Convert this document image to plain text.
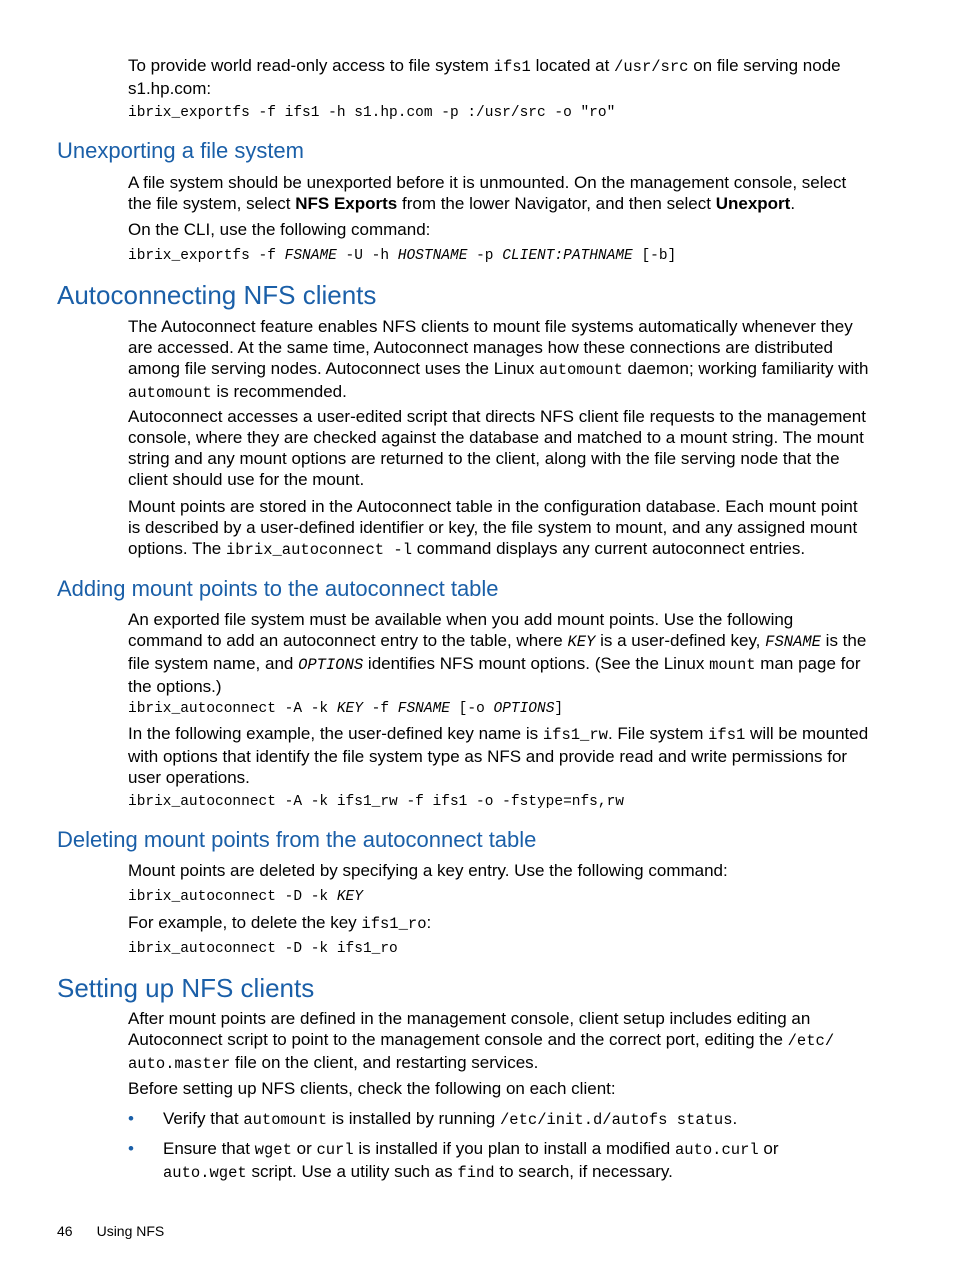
To provide world read-only access to file system ifs1 located at /usr/src on file serving node s1.hp.com:
ibrix_exportfs -f ifs1 -h s1.hp.com -p :/usr/src -o "ro"
Unexporting a file system
A file system should be unexported before it is unmounted. On the management console, select the file system, select NFS Exports from the lower Navigator, and then select Unexport.
On the CLI, use the following command:
ibrix_exportfs -f FSNAME -U -h HOSTNAME -p CLIENT:PATHNAME [-b]
Autoconnecting NFS clients
The Autoconnect feature enables NFS clients to mount file systems automatically whenever they are accessed. At the same time, Autoconnect manages how these connections are distributed among file serving nodes. Autoconnect uses the Linux automount daemon; working familiarity with automount is recommended.
Autoconnect accesses a user-edited script that directs NFS client file requests to the management console, where they are checked against the database and matched to a mount string. The mount string and any mount options are returned to the client, along with the file serving node that the client should use for the mount.
Mount points are stored in the Autoconnect table in the configuration database. Each mount point is described by a user-defined identifier or key, the file system to mount, and any assigned mount options. The ibrix_autoconnect -l command displays any current autoconnect entries.
Adding mount points to the autoconnect table
An exported file system must be available when you add mount points. Use the following command to add an autoconnect entry to the table, where KEY is a user-defined key, FSNAME is the file system name, and OPTIONS identifies NFS mount options. (See the Linux mount man page for the options.)
ibrix_autoconnect -A -k KEY -f FSNAME [-o OPTIONS]
In the following example, the user-defined key name is ifs1_rw. File system ifs1 will be mounted with options that identify the file system type as NFS and provide read and write permissions for user operations.
ibrix_autoconnect -A -k ifs1_rw -f ifs1 -o -fstype=nfs,rw
Deleting mount points from the autoconnect table
Mount points are deleted by specifying a key entry. Use the following command:
ibrix_autoconnect -D -k KEY
For example, to delete the key ifs1_ro:
ibrix_autoconnect -D -k ifs1_ro
Setting up NFS clients
After mount points are defined in the management console, client setup includes editing an Autoconnect script to point to the management console and the correct port, editing the /etc/
auto.master file on the client, and restarting services.
Before setting up NFS clients, check the following on each client:
• Verify that automount is installed by running /etc/init.d/autofs status.
• Ensure that wget or curl is installed if you plan to install a modified auto.curl or auto.wget script. Use a utility such as find to search, if necessary.
46 Using NFS
